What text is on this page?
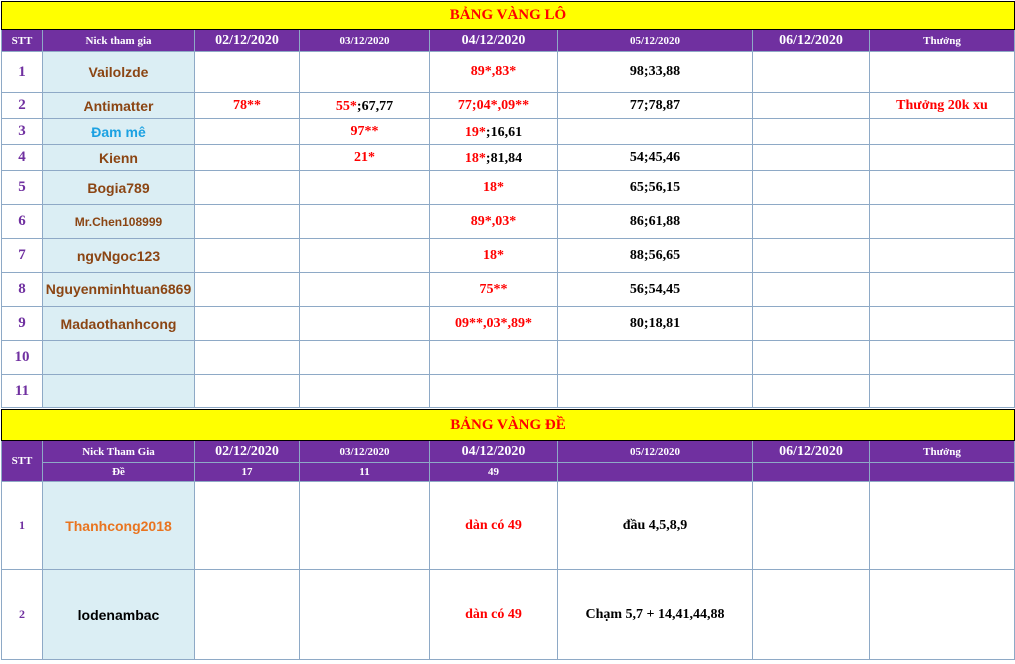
BẢNG VÀNG LÔ							
STT	Nick tham gia	02/12/2020	03/12/2020	04/12/2020	05/12/2020	06/12/2020	Thưởng
1	Vailolzde			89*,83*	98;33,88		
2	Antimatter	78**	55*;67,77	77;04*,09**	77;78,87		Thưởng 20k xu
3	Đam mê		97**	19*;16,61			
4	Kienn		21*	18*;81,84	54;45,46		
5	Bogia789			18*	65;56,15		
6	Mr.Chen108999			89*,03*	86;61,88		
7	ngvNgoc123			18*	88;56,65		
8	Nguyenminhtuan6869			75**	56;54,45		
9	Madaothanhcong			09**,03*,89*	80;18,81		
10							
11							
BẢNG VÀNG ĐỀ							
STT	Nick Tham Gia	02/12/2020	03/12/2020	04/12/2020	05/12/2020	06/12/2020	Thưởng
	Đề	17	11	49			
1	Thanhcong2018			dàn có 49	đầu 4,5,8,9		
2	lodenambac			dàn có 49	Chạm 5,7 + 14,41,44,88		
